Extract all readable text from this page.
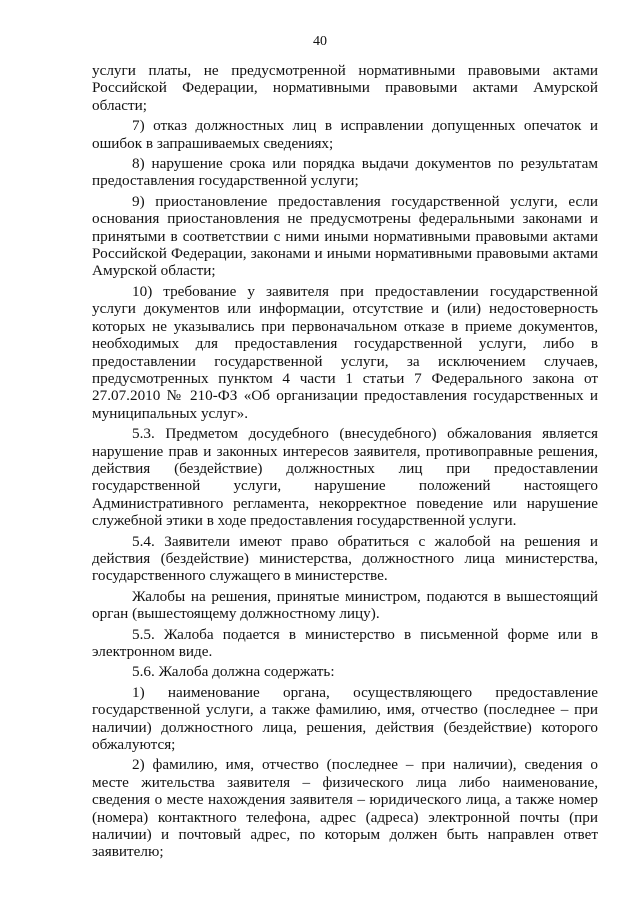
40

услуги платы, не предусмотренной нормативными правовыми актами Российской Федерации, нормативными правовыми актами Амурской области;

7) отказ должностных лиц в исправлении допущенных опечаток и ошибок в запрашиваемых сведениях;

8) нарушение срока или порядка выдачи документов по результатам предоставления государственной услуги;

9) приостановление предоставления государственной услуги, если основания приостановления не предусмотрены федеральными законами и принятыми в соответствии с ними иными нормативными правовыми актами Российской Федерации, законами и иными нормативными правовыми актами Амурской области;

10) требование у заявителя при предоставлении государственной услуги документов или информации, отсутствие и (или) недостоверность которых не указывались при первоначальном отказе в приеме документов, необходимых для предоставления государственной услуги, либо в предоставлении государственной услуги, за исключением случаев, предусмотренных пунктом 4 части 1 статьи 7 Федерального закона от 27.07.2010 № 210-ФЗ «Об организации предоставления государственных и муниципальных услуг».

5.3. Предметом досудебного (внесудебного) обжалования является нарушение прав и законных интересов заявителя, противоправные решения, действия (бездействие) должностных лиц при предоставлении государственной услуги, нарушение положений настоящего Административного регламента, некорректное поведение или нарушение служебной этики в ходе предоставления государственной услуги.

5.4. Заявители имеют право обратиться с жалобой на решения и действия (бездействие) министерства, должностного лица министерства, государственного служащего в министерстве.

Жалобы на решения, принятые министром, подаются в вышестоящий орган (вышестоящему должностному лицу).

5.5. Жалоба подается в министерство в письменной форме или в электронном виде.

5.6. Жалоба должна содержать:

1) наименование органа, осуществляющего предоставление государственной услуги, а также фамилию, имя, отчество (последнее – при наличии) должностного лица, решения, действия (бездействие) которого обжалуются;

2) фамилию, имя, отчество (последнее – при наличии), сведения о месте жительства заявителя – физического лица либо наименование, сведения о месте нахождения заявителя – юридического лица, а также номер (номера) контактного телефона, адрес (адреса) электронной почты (при наличии) и почтовый адрес, по которым должен быть направлен ответ заявителю;
